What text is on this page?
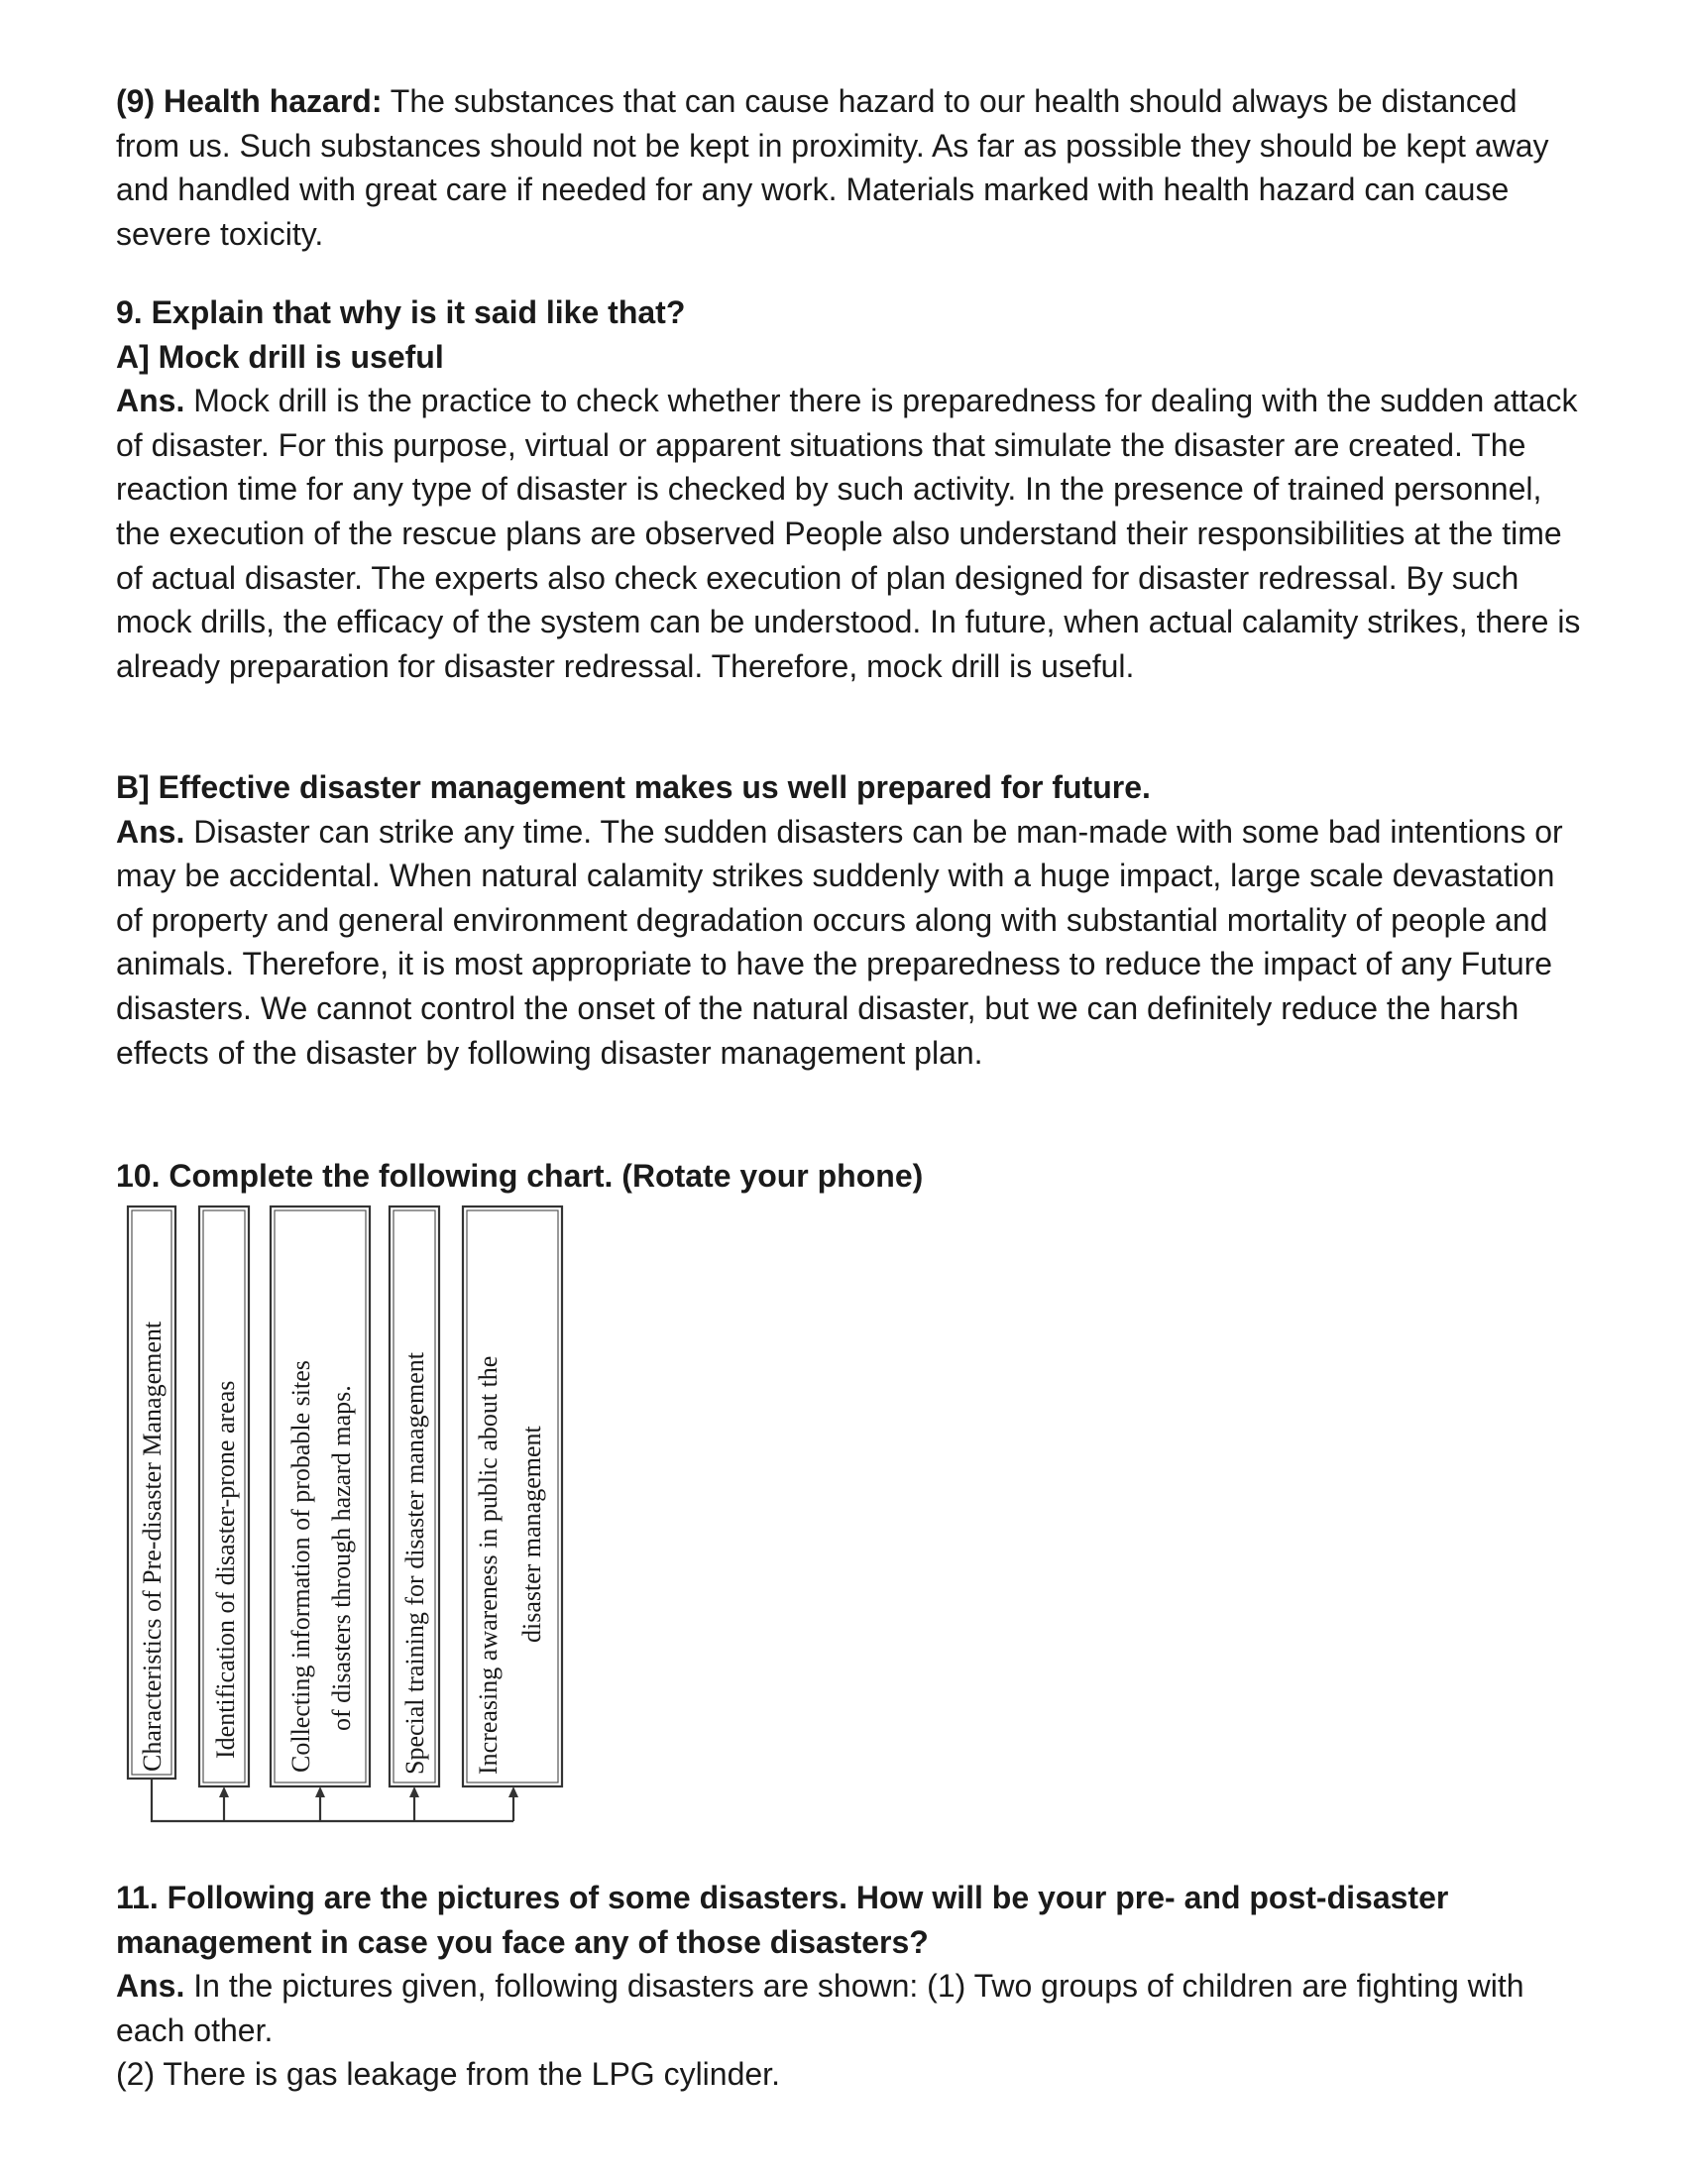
(9) Health hazard: The substances that can cause hazard to our health should always be distanced from us. Such substances should not be kept in proximity. As far as possible they should be kept away and handled with great care if needed for any work. Materials marked with health hazard can cause severe toxicity.

9. Explain that why is it said like that?

A] Mock drill is useful

Ans. Mock drill is the practice to check whether there is preparedness for dealing with the sudden attack of disaster. For this purpose, virtual or apparent situations that simulate the disaster are created. The reaction time for any type of disaster is checked by such activity. In the presence of trained personnel, the execution of the rescue plans are observed People also understand their responsibilities at the time of actual disaster. The experts also check execution of plan designed for disaster redressal. By such mock drills, the efficacy of the system can be understood. In future, when actual calamity strikes, there is already preparation for disaster redressal. Therefore, mock drill is useful.

B] Effective disaster management makes us well prepared for future.

Ans. Disaster can strike any time. The sudden disasters can be man-made with some bad intentions or may be accidental. When natural calamity strikes suddenly with a huge impact, large scale devastation of property and general environment degradation occurs along with substantial mortality of people and animals. Therefore, it is most appropriate to have the preparedness to reduce the impact of any Future disasters. We cannot control the onset of the natural disaster, but we can definitely reduce the harsh effects of the disaster by following disaster management plan.

10. Complete the following chart. (Rotate your phone)

Characteristics of Pre-disaster Management Identification of disaster-prone areas Collecting information of probable sites of disasters through hazard maps. Special training for disaster management Increasing awareness in public about the disaster management

11. Following are the pictures of some disasters. How will be your pre- and post-disaster management in case you face any of those disasters?

Ans. In the pictures given, following disasters are shown: (1) Two groups of children are fighting with each other.

(2) There is gas leakage from the LPG cylinder.
